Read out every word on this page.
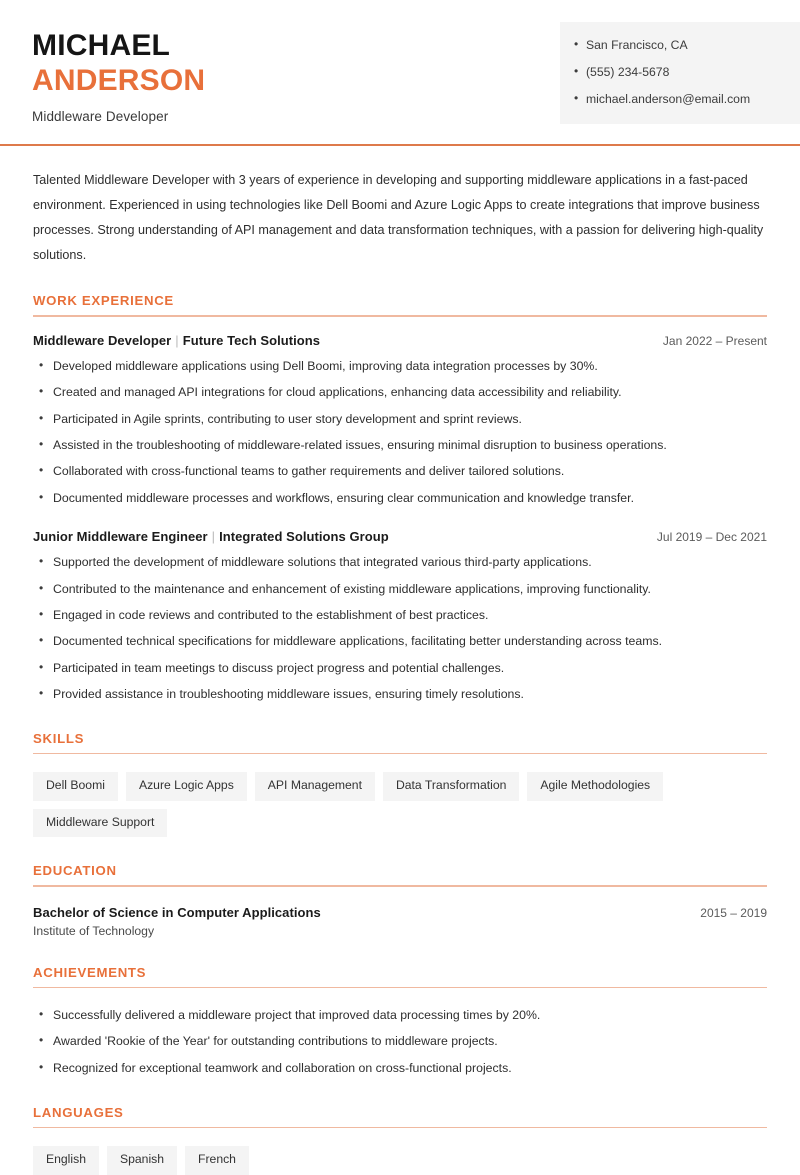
MICHAEL
ANDERSON
Middleware Developer
• San Francisco, CA
• (555) 234-5678
• michael.anderson@email.com
Talented Middleware Developer with 3 years of experience in developing and supporting middleware applications in a fast-paced environment. Experienced in using technologies like Dell Boomi and Azure Logic Apps to create integrations that improve business processes. Strong understanding of API management and data transformation techniques, with a passion for delivering high-quality solutions.
WORK EXPERIENCE
Middleware Developer | Future Tech Solutions	Jan 2022 – Present
• Developed middleware applications using Dell Boomi, improving data integration processes by 30%.
• Created and managed API integrations for cloud applications, enhancing data accessibility and reliability.
• Participated in Agile sprints, contributing to user story development and sprint reviews.
• Assisted in the troubleshooting of middleware-related issues, ensuring minimal disruption to business operations.
• Collaborated with cross-functional teams to gather requirements and deliver tailored solutions.
• Documented middleware processes and workflows, ensuring clear communication and knowledge transfer.
Junior Middleware Engineer | Integrated Solutions Group	Jul 2019 – Dec 2021
• Supported the development of middleware solutions that integrated various third-party applications.
• Contributed to the maintenance and enhancement of existing middleware applications, improving functionality.
• Engaged in code reviews and contributed to the establishment of best practices.
• Documented technical specifications for middleware applications, facilitating better understanding across teams.
• Participated in team meetings to discuss project progress and potential challenges.
• Provided assistance in troubleshooting middleware issues, ensuring timely resolutions.
SKILLS
Dell Boomi	Azure Logic Apps	API Management	Data Transformation	Agile Methodologies
Middleware Support
EDUCATION
Bachelor of Science in Computer Applications	2015 – 2019
Institute of Technology
ACHIEVEMENTS
• Successfully delivered a middleware project that improved data processing times by 20%.
• Awarded 'Rookie of the Year' for outstanding contributions to middleware projects.
• Recognized for exceptional teamwork and collaboration on cross-functional projects.
LANGUAGES
English	Spanish	French
